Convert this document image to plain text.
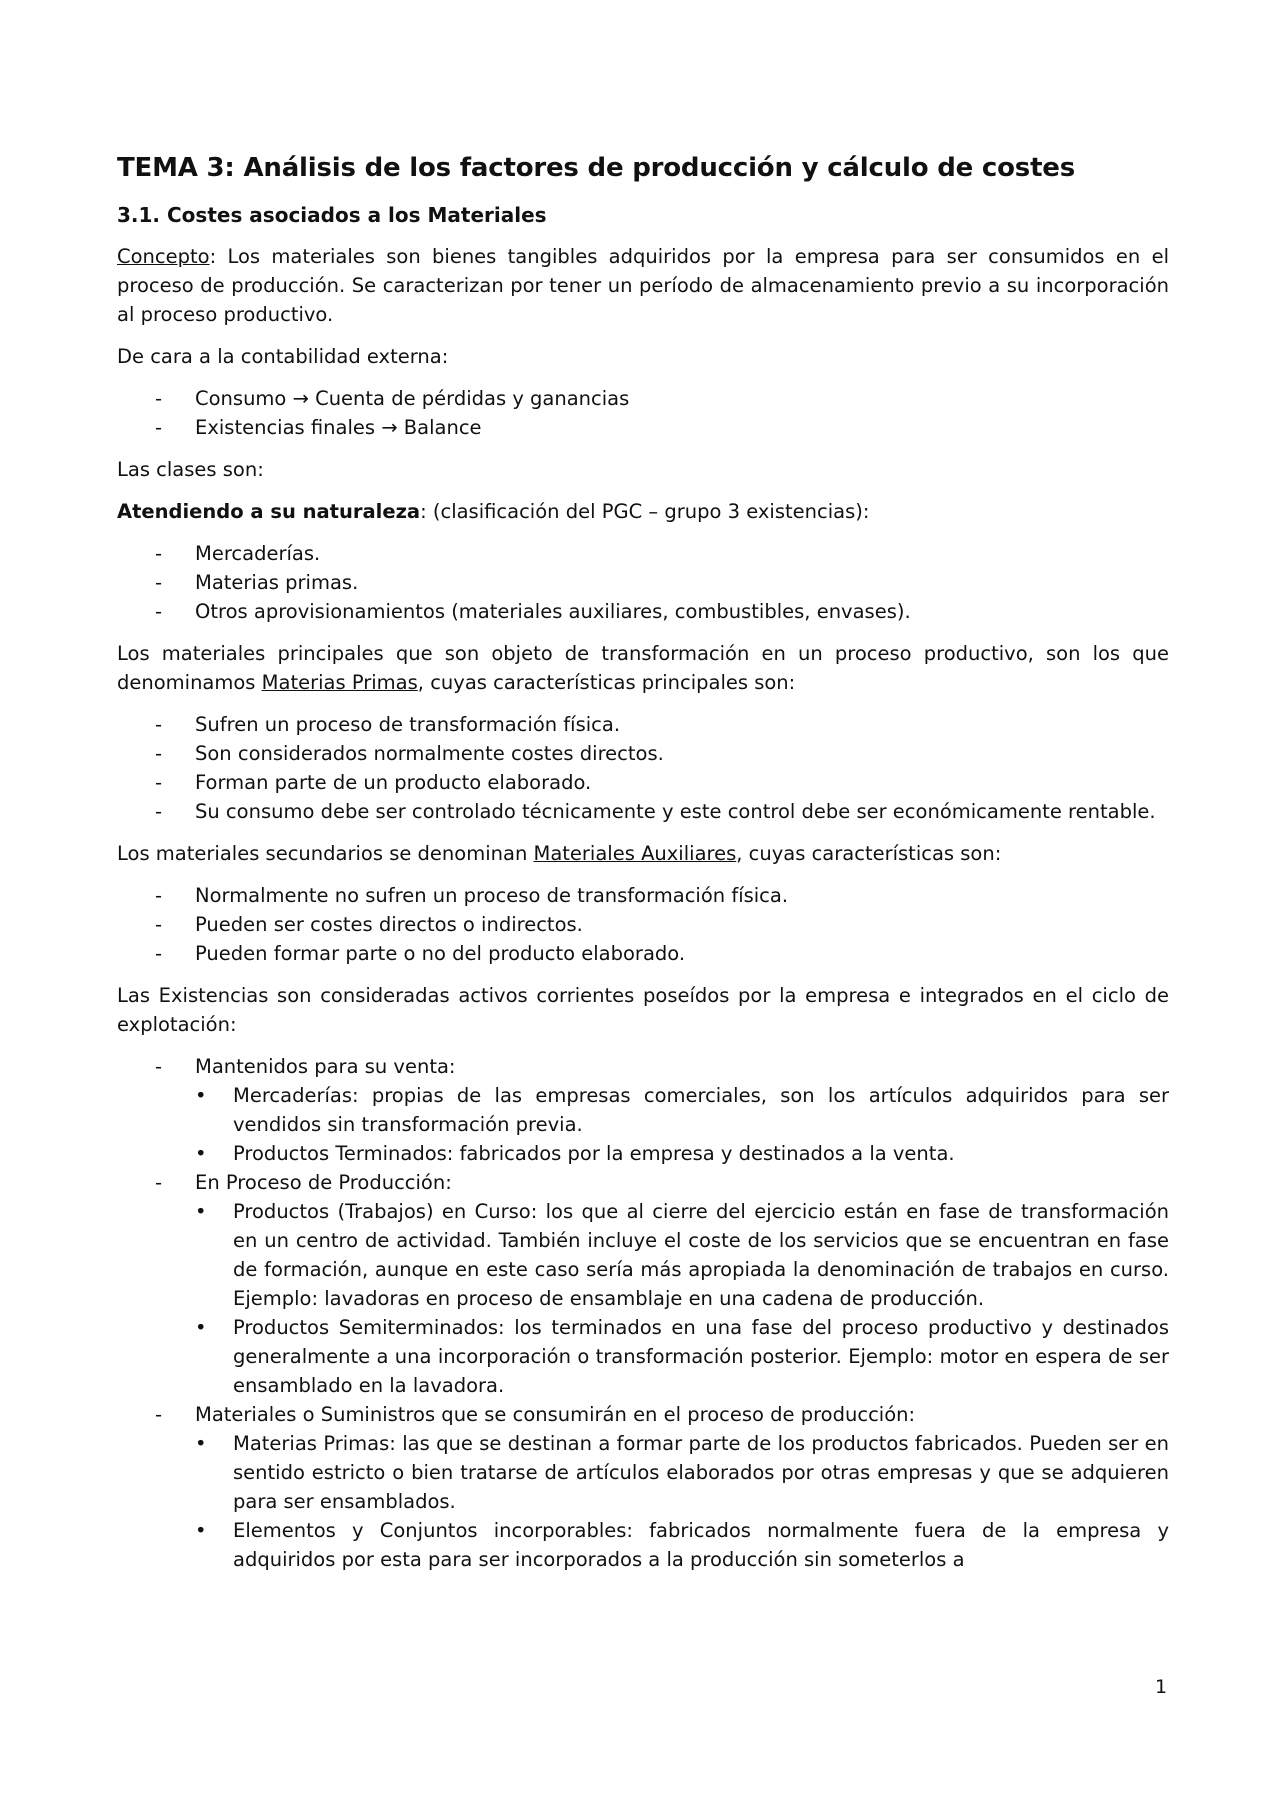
TEMA 3: Análisis de los factores de producción y cálculo de costes
3.1. Costes asociados a los Materiales

Concepto: Los materiales son bienes tangibles adquiridos por la empresa para ser consumidos en el proceso de producción. Se caracterizan por tener un período de almacenamiento previo a su incorporación al proceso productivo.

De cara a la contabilidad externa:

- Consumo → Cuenta de pérdidas y ganancias
- Existencias finales → Balance

Las clases son:

Atendiendo a su naturaleza: (clasificación del PGC – grupo 3 existencias):

- Mercaderías.
- Materias primas.
- Otros aprovisionamientos (materiales auxiliares, combustibles, envases).

Los materiales principales que son objeto de transformación en un proceso productivo, son los que denominamos Materias Primas, cuyas características principales son:

- Sufren un proceso de transformación física.
- Son considerados normalmente costes directos.
- Forman parte de un producto elaborado.
- Su consumo debe ser controlado técnicamente y este control debe ser económicamente rentable.

Los materiales secundarios se denominan Materiales Auxiliares, cuyas características son:

- Normalmente no sufren un proceso de transformación física.
- Pueden ser costes directos o indirectos.
- Pueden formar parte o no del producto elaborado.

Las Existencias son consideradas activos corrientes poseídos por la empresa e integrados en el ciclo de explotación:

- Mantenidos para su venta:
• Mercaderías: propias de las empresas comerciales, son los artículos adquiridos para ser vendidos sin transformación previa.
• Productos Terminados: fabricados por la empresa y destinados a la venta.
- En Proceso de Producción:
• Productos (Trabajos) en Curso: los que al cierre del ejercicio están en fase de transformación en un centro de actividad. También incluye el coste de los servicios que se encuentran en fase de formación, aunque en este caso sería más apropiada la denominación de trabajos en curso. Ejemplo: lavadoras en proceso de ensamblaje en una cadena de producción.
• Productos Semiterminados: los terminados en una fase del proceso productivo y destinados generalmente a una incorporación o transformación posterior. Ejemplo: motor en espera de ser ensamblado en la lavadora.
- Materiales o Suministros que se consumirán en el proceso de producción:
• Materias Primas: las que se destinan a formar parte de los productos fabricados. Pueden ser en sentido estricto o bien tratarse de artículos elaborados por otras empresas y que se adquieren para ser ensamblados.
• Elementos y Conjuntos incorporables: fabricados normalmente fuera de la empresa y adquiridos por esta para ser incorporados a la producción sin someterlos a
1
